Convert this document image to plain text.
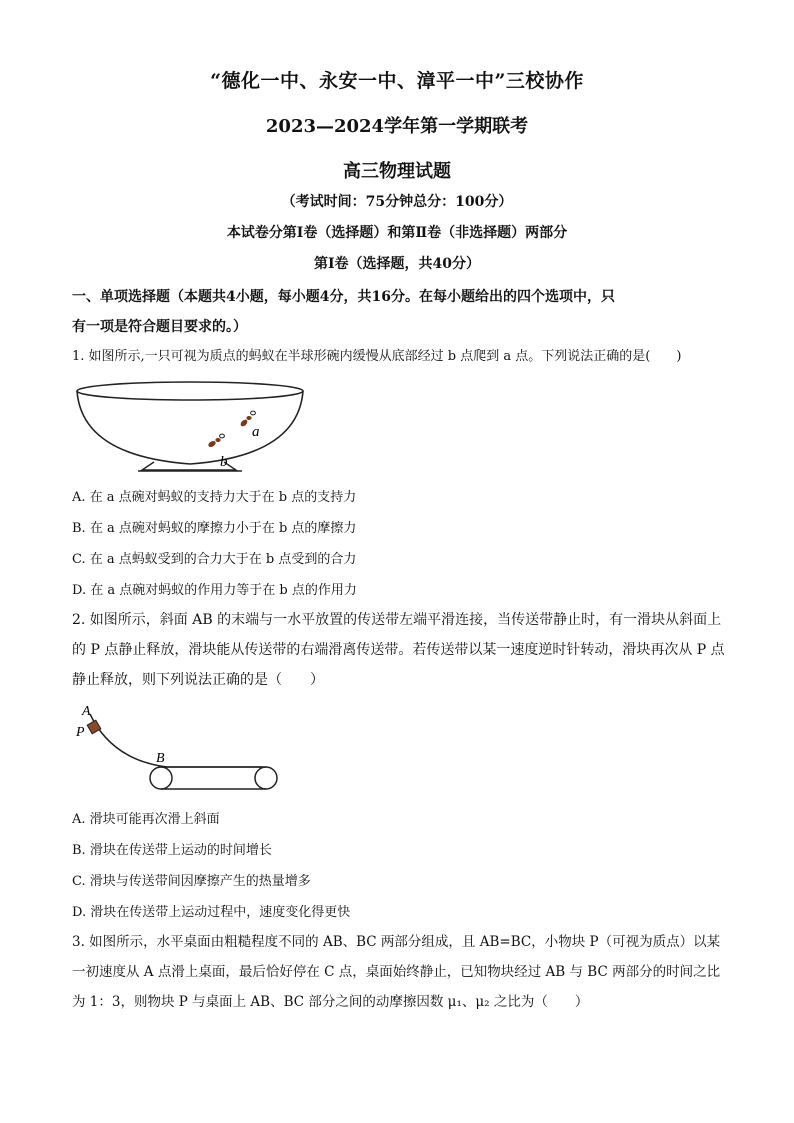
“德化一中、永安一中、漳平一中”三校协作
2023—2024学年第一学期联考
高三物理试题
（考试时间：75分钟总分：100分）
本试卷分第Ⅰ卷（选择题）和第Ⅱ卷（非选择题）两部分
第Ⅰ卷（选择题，共40分）
一、单项选择题（本题共4小题，每小题4分，共16分。在每小题给出的四个选项中，只
有一项是符合题目要求的。）
1. 如图所示,一只可视为质点的蚂蚁在半球形碗内缓慢从底部经过 b 点爬到 a 点。下列说法正确的是(　　)
a
b
A. 在 a 点碗对蚂蚁的支持力大于在 b 点的支持力
B. 在 a 点碗对蚂蚁的摩擦力小于在 b 点的摩擦力
C. 在 a 点蚂蚁受到的合力大于在 b 点受到的合力
D. 在 a 点碗对蚂蚁的作用力等于在 b 点的作用力
2. 如图所示，斜面 AB 的末端与一水平放置的传送带左端平滑连接，当传送带静止时，有一滑块从斜面上
的 P 点静止释放，滑块能从传送带的右端滑离传送带。若传送带以某一速度逆时针转动，滑块再次从 P 点
静止释放，则下列说法正确的是（　　）
A
P
B
A. 滑块可能再次滑上斜面
B. 滑块在传送带上运动的时间增长
C. 滑块与传送带间因摩擦产生的热量增多
D. 滑块在传送带上运动过程中，速度变化得更快
3. 如图所示，水平桌面由粗糙程度不同的 AB、BC 两部分组成，且 AB=BC，小物块 P（可视为质点）以某
一初速度从 A 点滑上桌面，最后恰好停在 C 点，桌面始终静止，已知物块经过 AB 与 BC 两部分的时间之比
为 1：3，则物块 P 与桌面上 AB、BC 部分之间的动摩擦因数 μ₁、μ₂ 之比为（　　）
